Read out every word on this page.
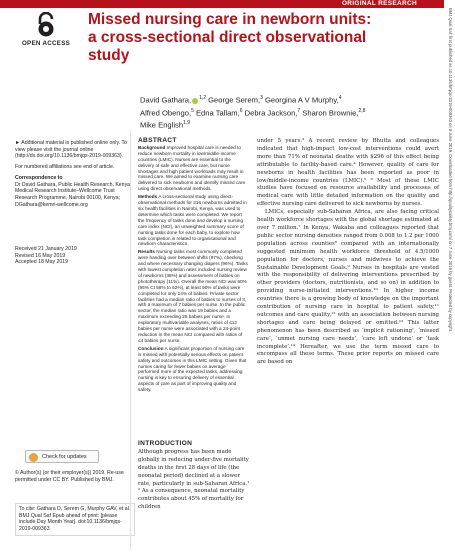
ORIGINAL RESEARCH
OPEN ACCESS
Missed nursing care in newborn units: a cross-sectional direct observational study
David Gathara, $^{1,2}$ George Serem,$^3$ Georgina A V Murphy,$^4$
Alfred Obengo,$^5$ Edna Tallam,$^6$ Debra Jackson,$^7$ Sharon Brownie,$^{2,8}$
Mike English$^{1,9}$

► Additional material is published online only. To view please visit the journal online (http://dx.doi.org/10.1136/bmjqs-2019-009363).

For numbered affiliations see end of article.

Correspondence to

Dr David Gathara, Public Health Research, Kenya Medical Research Institute–Wellcome Trust Research Programme, Nairobi 00100, Kenya; DGathara@kemri-wellcome.org

Received 21 January 2019
Revised 16 May 2019
Accepted 18 May 2019
Check for updates

© Author(s) (or their employer(s)) 2019. Re-use permitted under CC BY. Published by BMJ.

To cite: Gathara D, Serem G, Murphy GAV, et al. BMJ Qual Saf Epub ahead of print: [please include Day Month Year]. doi:10.1136/bmjqs-2019-009363

ABSTRACT

Background Improved hospital care is needed to reduce newborn mortality in low/middle-income countries (LMIC). Nurses are essential to the delivery of safe and effective care, but nurse shortages and high patient workloads may result in missed care. We aimed to examine nursing care delivered to sick newborns and identify missed care using direct observational methods.

Methods A cross-sectional study using direct-observational methods for 216 newborns admitted in six health facilities in Nairobi, Kenya, was used to determine which tasks were completed. We report the frequency of tasks done and develop a nursing care index (NCI), an unweighted summary score of nursing tasks done for each baby, to explore how task completion is related to organisational and newborn characteristics.

Results Nursing tasks most commonly completed were handing over between shifts (97%), checking and where necessary changing diapers (96%). Tasks with lowest completion rates included nursing review of newborns (38%) and assessment of babies on phototherapy (11%). Overall the mean NCI was 60% (95% CI 58% to 62%), at least 90% of tasks were completed for only 14% of babies. Private sector facilities had a median ratio of babies to nurses of 3, with a maximum of 7 babies per nurse. In the public sector, the median ratio was 19 babies and a maximum exceeding 25 babies per nurse. In exploratory multivariable analyses, ratios of ≤12 babies per nurse were associated with a 24-point reduction in the mean NCI compared with ratios of ≤4 babies per nurse.

Conclusion A significant proportion of nursing care is missed with potentially serious effects on patient safety and outcomes in this LMIC setting. Given that nurses caring for fewer babies on average performed more of the expected tasks, addressing nursing is key to ensuring delivery of essential aspects of care as part of improving quality and safety.

INTRODUCTION
Although progress has been made globally in reducing under-five mortality deaths in the first 28 days of life (the neonatal period) declined at a slower rate, particularly in sub-Saharan Africa.¹ ² As a consequence, neonatal mortality contributes about 45% of mortality for children

under 5 years.³ A recent review by Bhutta and colleagues indicated that high-impact low-cost interventions could avert more than 71% of neonatal deaths with $296 of this effect being attributable to facility-based care.⁴ However, quality of care for newborns in health facilities has been reported as poor in low/middle-income countries (LMIC).⁵ ⁶ Most of these LMIC studies have focused on resource availability and processes of medical care with little detailed information on the quality and effective nursing care delivered to sick newborns by nurses.

LMICs, especially sub-Saharan Africa, are also facing critical health workforce shortages with the global shortage estimated at over 7 million.⁷ In Kenya, Wakaba and colleagues reported that public sector nursing densities ranged from 0.008 to 1.2 per 1000 population across counties⁸ compared with an internationally suggested minimum health workforce threshold of 4.5/1000 population for doctors, nurses and midwives to achieve the Sustainable Development Goals.⁹ Nurses in hospitals are vested with the responsibility of delivering interventions prescribed by other providers (doctors, nutritionists, and so on) in addition to providing nurse-initiated interventions.¹⁰ In higher income countries there is a growing body of knowledge on the important contribution of nursing care in hospital to patient safety,¹¹ outcomes and care quality,¹² with an association between nursing shortages and care being delayed or omitted.¹³ This latter phenomenon has been described as ‘implicit rationing’, ‘missed care’, ‘unmet nursing care needs’, ‘care left undone’ or ‘task incomplete’.¹⁴ Hereafter, we use the term missed care to encompass all these terms. These prior reports on missed care are based on

BMJ Qual Saf: first published as 10.1136/bmjqs-2019-009363 on 8 June 2019. Downloaded from http://qualitysafety.bmj.com/ on 7 June 2019 by guest. Protected by copyright.
